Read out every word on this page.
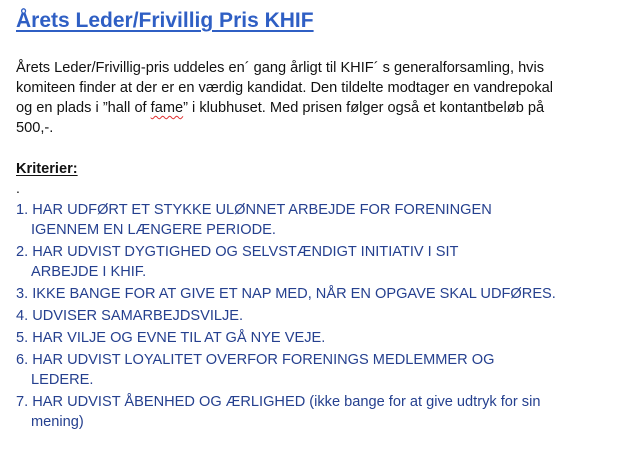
Årets Leder/Frivillig Pris KHIF

Årets Leder/Frivillig-pris uddeles en´ gang årligt til KHIF´ s generalforsamling, hvis
komiteen finder at der er en værdig kandidat. Den tildelte modtager en vandrepokal
og en plads i ”hall of fame” i klubhuset. Med prisen følger også et kontantbeløb på
500,-.

Kriterier:
.
1. HAR UDFØRT ET STYKKE ULØNNET ARBEJDE FOR FORENINGEN
IGENNEM EN LÆNGERE PERIODE.
2. HAR UDVIST DYGTIGHED OG SELVSTÆNDIGT INITIATIV I SIT
ARBEJDE I KHIF.
3. IKKE BANGE FOR AT GIVE ET NAP MED, NÅR EN OPGAVE SKAL UDFØRES.
4. UDVISER SAMARBEJDSVILJE.
5. HAR VILJE OG EVNE TIL AT GÅ NYE VEJE.
6. HAR UDVIST LOYALITET OVERFOR FORENINGS MEDLEMMER OG
LEDERE.
7. HAR UDVIST ÅBENHED OG ÆRLIGHED (ikke bange for at give udtryk for sin
mening)
